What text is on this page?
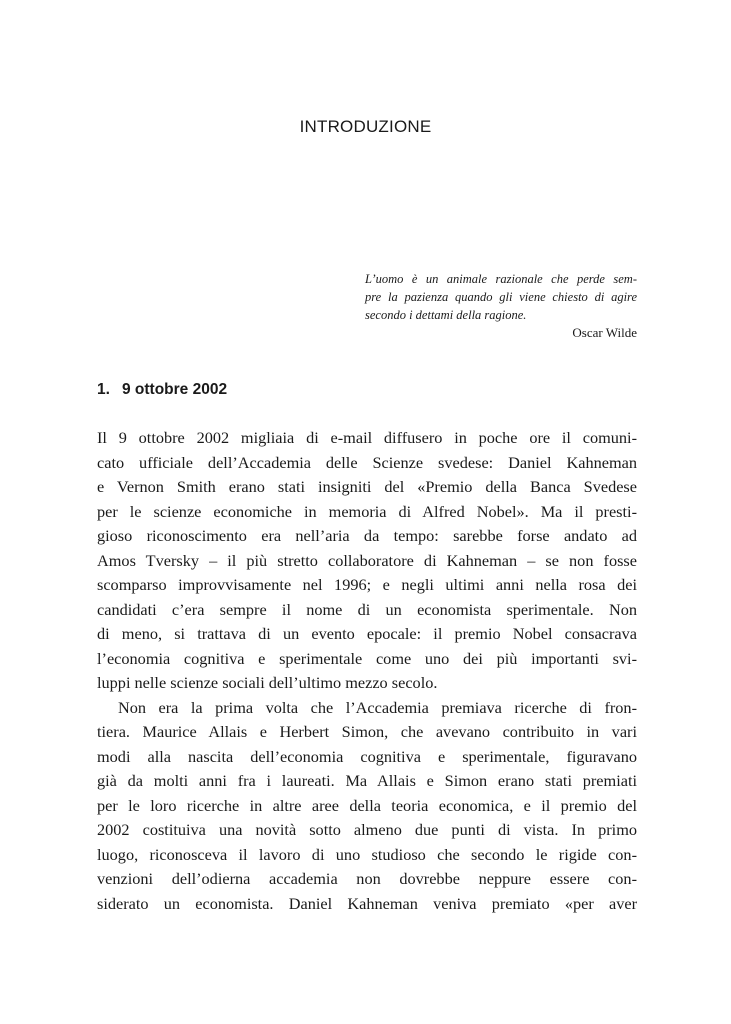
INTRODUZIONE
L’uomo è un animale razionale che perde sem-
pre la pazienza quando gli viene chiesto di agire
secondo i dettami della ragione.
Oscar Wilde
1. 9 ottobre 2002
Il 9 ottobre 2002 migliaia di e-mail diffusero in poche ore il comuni-
cato ufficiale dell’Accademia delle Scienze svedese: Daniel Kahneman
e Vernon Smith erano stati insigniti del «Premio della Banca Svedese
per le scienze economiche in memoria di Alfred Nobel». Ma il presti-
gioso riconoscimento era nell’aria da tempo: sarebbe forse andato ad
Amos Tversky – il più stretto collaboratore di Kahneman – se non fosse
scomparso improvvisamente nel 1996; e negli ultimi anni nella rosa dei
candidati c’era sempre il nome di un economista sperimentale. Non
di meno, si trattava di un evento epocale: il premio Nobel consacrava
l’economia cognitiva e sperimentale come uno dei più importanti svi-
luppi nelle scienze sociali dell’ultimo mezzo secolo.
Non era la prima volta che l’Accademia premiava ricerche di fron-
tiera. Maurice Allais e Herbert Simon, che avevano contribuito in vari
modi alla nascita dell’economia cognitiva e sperimentale, figuravano
già da molti anni fra i laureati. Ma Allais e Simon erano stati premiati
per le loro ricerche in altre aree della teoria economica, e il premio del
2002 costituiva una novità sotto almeno due punti di vista. In primo
luogo, riconosceva il lavoro di uno studioso che secondo le rigide con-
venzioni dell’odierna accademia non dovrebbe neppure essere con-
siderato un economista. Daniel Kahneman veniva premiato «per aver
